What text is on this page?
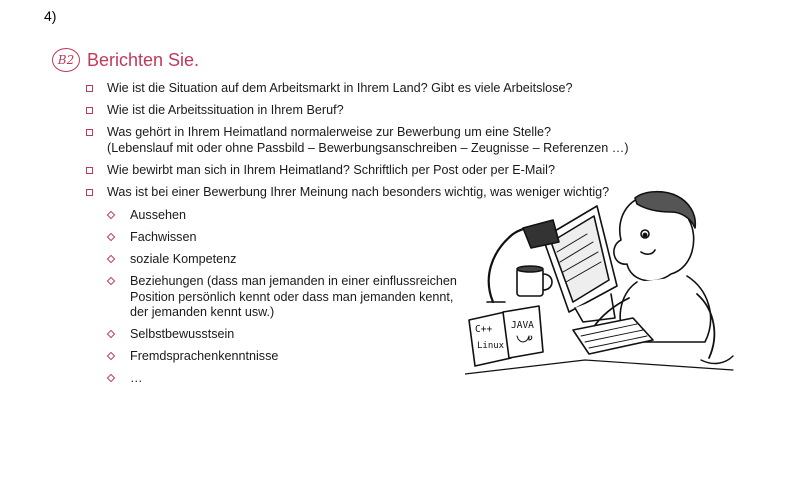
4)
B2 Berichten Sie.
Wie ist die Situation auf dem Arbeitsmarkt in Ihrem Land? Gibt es viele Arbeitslose?
Wie ist die Arbeitssituation in Ihrem Beruf?
Was gehört in Ihrem Heimatland normalerweise zur Bewerbung um eine Stelle?
(Lebenslauf mit oder ohne Passbild – Bewerbungsanschreiben – Zeugnisse – Referenzen …)
Wie bewirbt man sich in Ihrem Heimatland? Schriftlich per Post oder per E-Mail?
Was ist bei einer Bewerbung Ihrer Meinung nach besonders wichtig, was weniger wichtig?
Aussehen
Fachwissen
soziale Kompetenz
Beziehungen (dass man jemanden in einer einflussreichen Position persönlich kennt oder dass man jemanden kennt, der jemanden kennt usw.)
Selbstbewusstsein
Fremdsprachenkenntnisse
…
C++ JAVA
Linux
